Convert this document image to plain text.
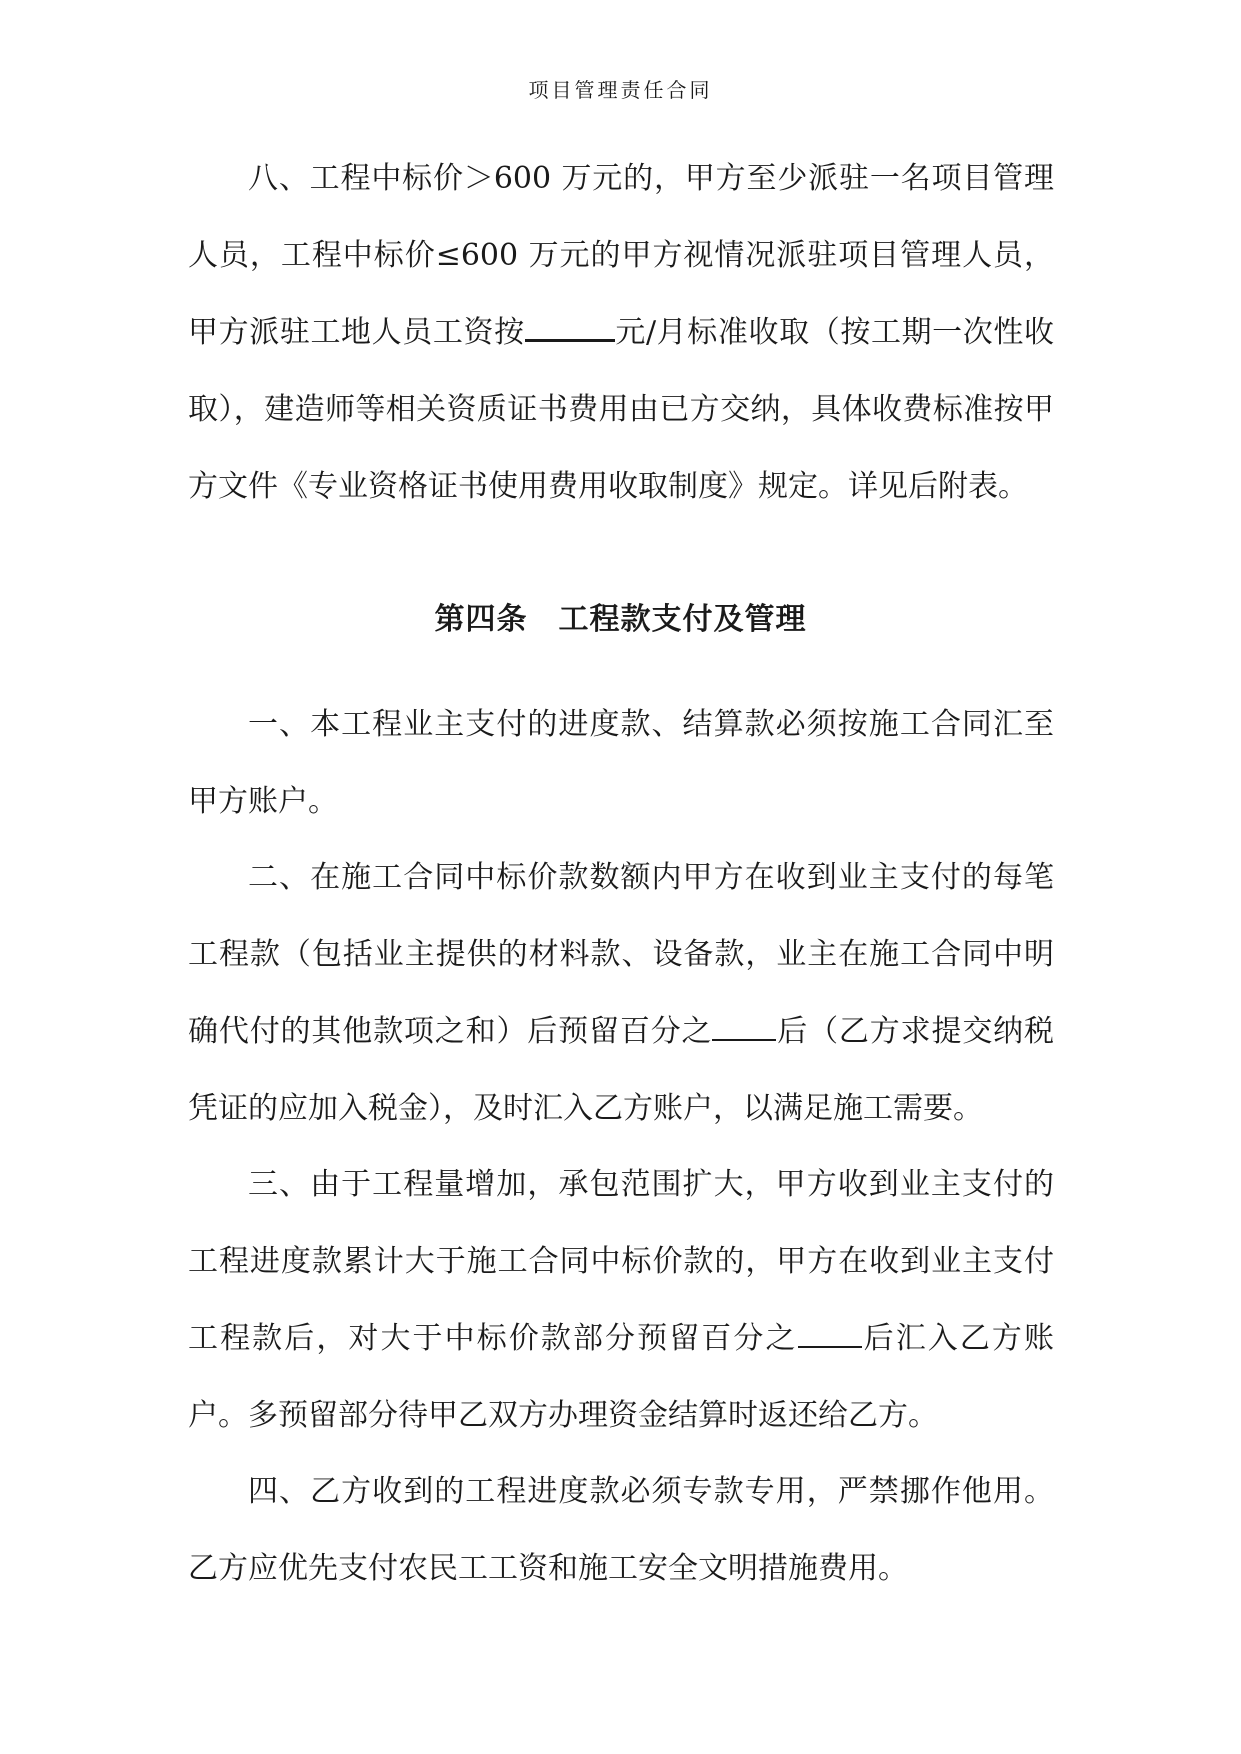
项目管理责任合同

八、工程中标价＞600 万元的，甲方至少派驻一名项目管理人员，工程中标价≤600 万元的甲方视情况派驻项目管理人员，甲方派驻工地人员工资按	元/月标准收取（按工期一次性收取），建造师等相关资质证书费用由已方交纳，具体收费标准按甲方文件《专业资格证书使用费用收取制度》规定。详见后附表。

第四条　工程款支付及管理

一、本工程业主支付的进度款、结算款必须按施工合同汇至甲方账户。

二、在施工合同中标价款数额内甲方在收到业主支付的每笔工程款（包括业主提供的材料款、设备款，业主在施工合同中明确代付的其他款项之和）后预留百分之 后（乙方求提交纳税凭证的应加入税金），及时汇入乙方账户，以满足施工需要。

三、由于工程量增加，承包范围扩大，甲方收到业主支付的工程进度款累计大于施工合同中标价款的，甲方在收到业主支付工程款后，对大于中标价款部分预留百分之 后汇入乙方账户。多预留部分待甲乙双方办理资金结算时返还给乙方。

四、乙方收到的工程进度款必须专款专用，严禁挪作他用。乙方应优先支付农民工工资和施工安全文明措施费用。
